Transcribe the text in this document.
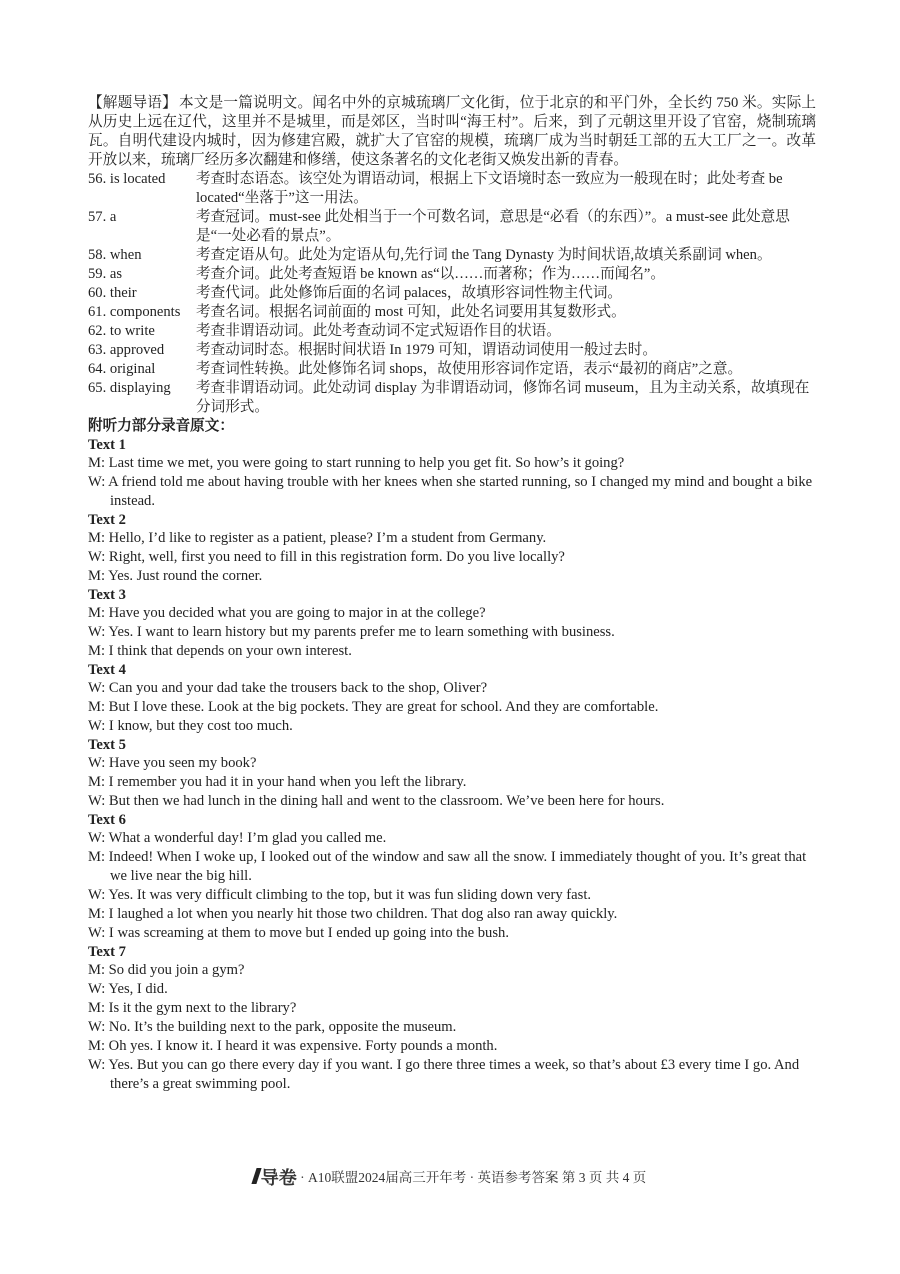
【解题导语】 本文是一篇说明文。闻名中外的京城琉璃厂文化街，位于北京的和平门外，全长约 750 米。实际上从历史上远在辽代，这里并不是城里，而是郊区，当时叫“海王村”。后来，到了元朝这里开设了官窑，烧制琉璃瓦。自明代建设内城时，因为修建宫殿，就扩大了官窑的规模，琉璃厂成为当时朝廷工部的五大工厂之一。改革开放以来，琉璃厂经历多次翻建和修缮，使这条著名的文化老街又焕发出新的青春。

56. is located	考查时态语态。该空处为谓语动词，根据上下文语境时态一致应为一般现在时；此处考查 be located“坐落于”这一用法。
57. a	考查冠词。must-see 此处相当于一个可数名词，意思是“必看（的东西）”。a must-see 此处意思是“一处必看的景点”。
58. when	考查定语从句。此处为定语从句,先行词 the Tang Dynasty 为时间状语,故填关系副词 when。
59. as	考查介词。此处考查短语 be known as“以……而著称；作为……而闻名”。
60. their	考查代词。此处修饰后面的名词 palaces，故填形容词性物主代词。
61. components	考查名词。根据名词前面的 most 可知，此处名词要用其复数形式。
62. to write	考查非谓语动词。此处考查动词不定式短语作目的状语。
63. approved	考查动词时态。根据时间状语 In 1979 可知，谓语动词使用一般过去时。
64. original	考查词性转换。此处修饰名词 shops，故使用形容词作定语，表示“最初的商店”之意。
65. displaying	考查非谓语动词。此处动词 display 为非谓语动词，修饰名词 museum，且为主动关系，故填现在分词形式。
附听力部分录音原文：
Text 1
M: Last time we met, you were going to start running to help you get fit. So how’s it going?
W: A friend told me about having trouble with her knees when she started running, so I changed my mind and bought a bike instead.
Text 2
M: Hello, I’d like to register as a patient, please? I’m a student from Germany.
W: Right, well, first you need to fill in this registration form. Do you live locally?
M: Yes. Just round the corner.
Text 3
M: Have you decided what you are going to major in at the college?
W: Yes. I want to learn history but my parents prefer me to learn something with business.
M: I think that depends on your own interest.
Text 4
W: Can you and your dad take the trousers back to the shop, Oliver?
M: But I love these. Look at the big pockets. They are great for school. And they are comfortable.
W: I know, but they cost too much.
Text 5
W: Have you seen my book?
M: I remember you had it in your hand when you left the library.
W: But then we had lunch in the dining hall and went to the classroom. We’ve been here for hours.
Text 6
W: What a wonderful day! I’m glad you called me.
M: Indeed! When I woke up, I looked out of the window and saw all the snow. I immediately thought of you. It’s great that we live near the big hill.
W: Yes. It was very difficult climbing to the top, but it was fun sliding down very fast.
M: I laughed a lot when you nearly hit those two children. That dog also ran away quickly.
W: I was screaming at them to move but I ended up going into the bush.
Text 7
M: So did you join a gym?
W: Yes, I did.
M: Is it the gym next to the library?
W: No. It’s the building next to the park, opposite the museum.
M: Oh yes. I know it. I heard it was expensive. Forty pounds a month.
W: Yes. But you can go there every day if you want. I go there three times a week, so that’s about £3 every time I go. And there’s a great swimming pool.
导卷 · A10联盟2024届高三开年考 · 英语参考答案 第 3 页 共 4 页
